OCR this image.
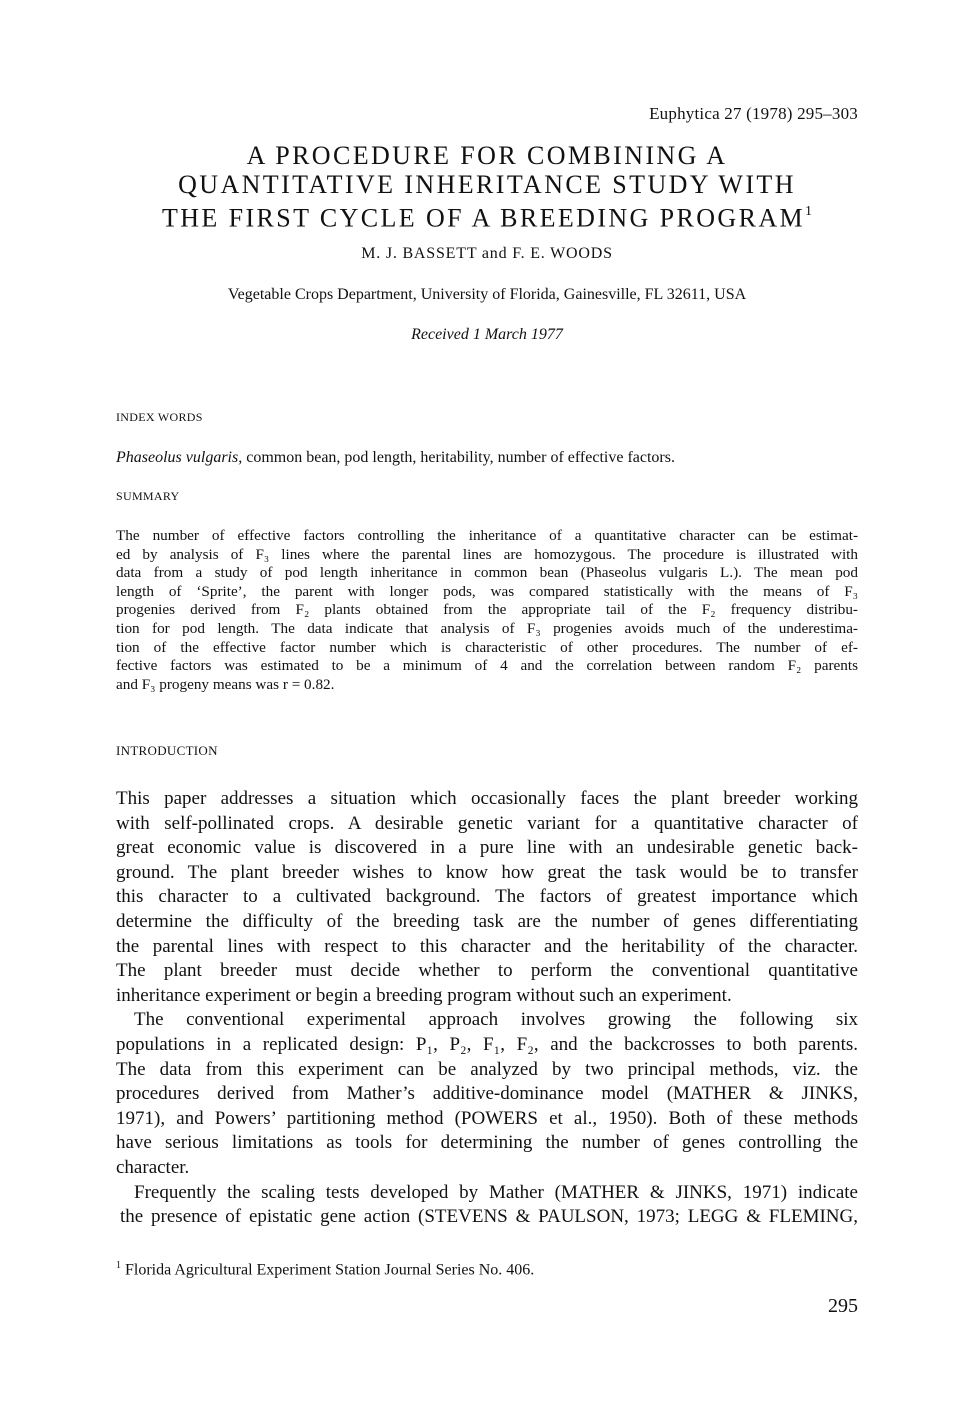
Euphytica 27 (1978) 295–303
A PROCEDURE FOR COMBINING A
QUANTITATIVE INHERITANCE STUDY WITH
THE FIRST CYCLE OF A BREEDING PROGRAM$^1$
M. J. BASSETT and F. E. WOODS
Vegetable Crops Department, University of Florida, Gainesville, FL 32611, USA
Received 1 March 1977
INDEX WORDS
Phaseolus vulgaris, common bean, pod length, heritability, number of effective factors.
SUMMARY
The number of effective factors controlling the inheritance of a quantitative character can be estimat-
ed by analysis of F₃ lines where the parental lines are homozygous. The procedure is illustrated with
data from a study of pod length inheritance in common bean (Phaseolus vulgaris L.). The mean pod
length of ‘Sprite’, the parent with longer pods, was compared statistically with the means of F₃
progenies derived from F₂ plants obtained from the appropriate tail of the F₂ frequency distribu-
tion for pod length. The data indicate that analysis of F₃ progenies avoids much of the underestima-
tion of the effective factor number which is characteristic of other procedures. The number of ef-
fective factors was estimated to be a minimum of 4 and the correlation between random F₂ parents
and F₃ progeny means was r = 0.82.
INTRODUCTION
This paper addresses a situation which occasionally faces the plant breeder working
with self-pollinated crops. A desirable genetic variant for a quantitative character of
great economic value is discovered in a pure line with an undesirable genetic back-
ground. The plant breeder wishes to know how great the task would be to transfer
this character to a cultivated background. The factors of greatest importance which
determine the difficulty of the breeding task are the number of genes differentiating
the parental lines with respect to this character and the heritability of the character.
The plant breeder must decide whether to perform the conventional quantitative
inheritance experiment or begin a breeding program without such an experiment.
The conventional experimental approach involves growing the following six
populations in a replicated design: P₁, P₂, F₁, F₂, and the backcrosses to both parents.
The data from this experiment can be analyzed by two principal methods, viz. the
procedures derived from Mather’s additive-dominance model (MATHER & JINKS,
1971), and Powers’ partitioning method (POWERS et al., 1950). Both of these methods
have serious limitations as tools for determining the number of genes controlling the
character.
Frequently the scaling tests developed by Mather (MATHER & JINKS, 1971) indicate
the presence of epistatic gene action (STEVENS & PAULSON, 1973; LEGG & FLEMING,
$^1$ Florida Agricultural Experiment Station Journal Series No. 406.
295
